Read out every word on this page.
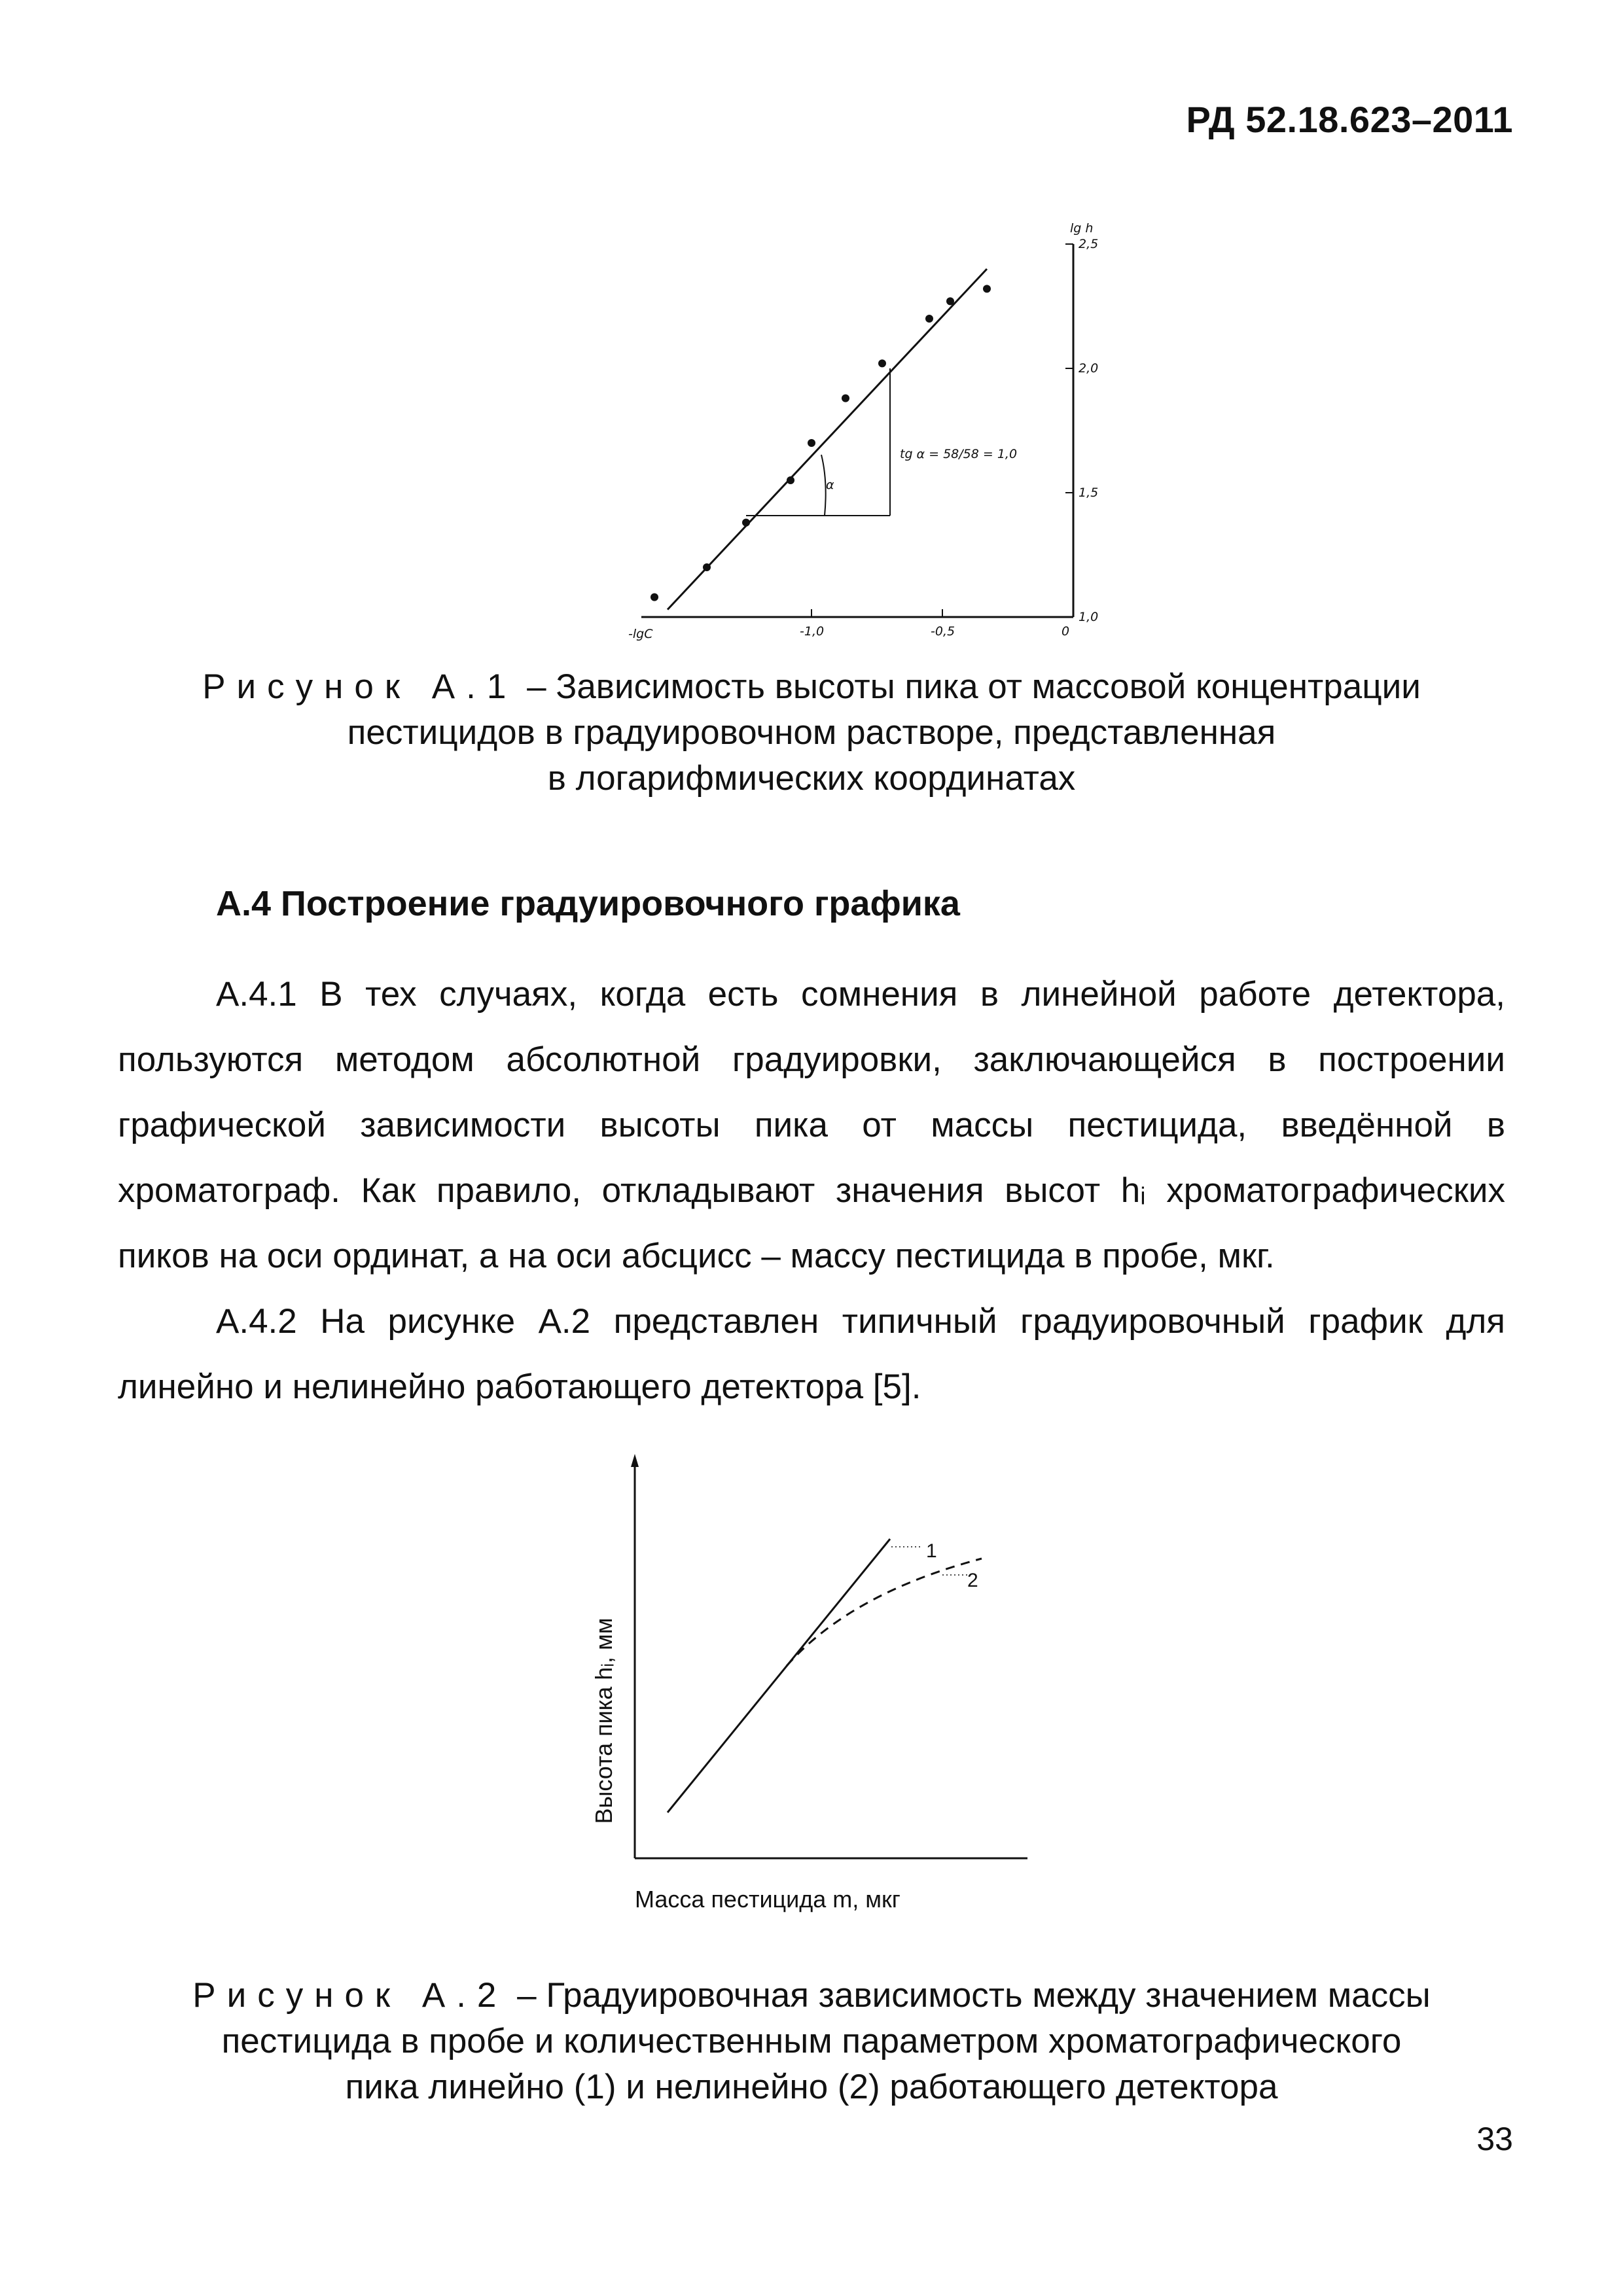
РД 52.18.623–2011
-1,0	-0,5	0
1,0
1,5
2,0
2,5
α
tg α = 58/58 = 1,0
lg h
-lgC
Рисунок А.1 – Зависимость высоты пика от массовой концентрации
пестицидов в градуировочном растворе, представленная
в логарифмических координатах
А.4 Построение градуировочного графика
А.4.1 В тех случаях, когда есть сомнения в линейной работе детектора, пользуются методом абсолютной градуировки, заключающейся в построении графической зависимости высоты пика от массы пестицида, введённой в хроматограф. Как правило, откладывают значения высот hᵢ хроматографических пиков на оси ординат, а на оси абсцисс – массу пестицида в пробе, мкг.
А.4.2 На рисунке А.2 представлен типичный градуировочный график для линейно и нелинейно работающего детектора [5].
1
2
Масса пестицида m, мкг
Высота пика hᵢ, мм
Рисунок А.2 – Градуировочная зависимость между значением массы
пестицида в пробе и количественным параметром хроматографического
пика линейно (1) и нелинейно (2) работающего детектора
33
